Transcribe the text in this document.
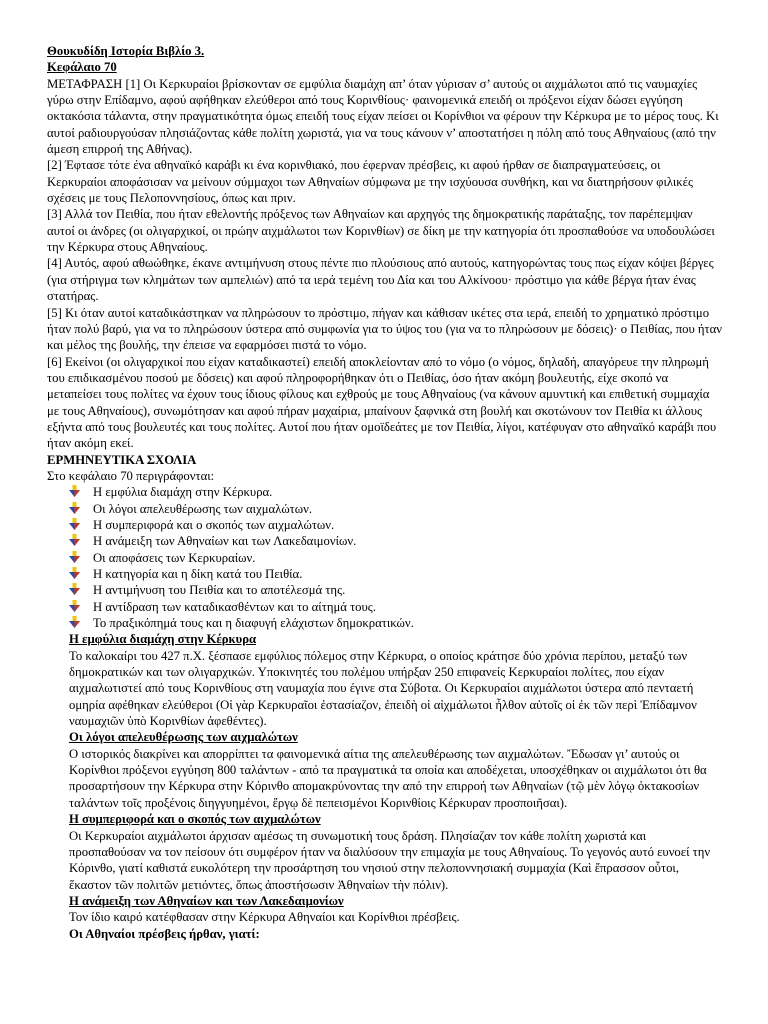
Θουκυδίδη Ιστορία Βιβλίο 3.

Κεφάλαιο 70

ΜΕΤΑΦΡΑΣΗ [1] Οι Κερκυραίοι βρίσκονταν σε εμφύλια διαμάχη απ’ όταν γύρισαν σ’ αυτούς οι αιχμάλωτοι από τις ναυμαχίες γύρω στην Επίδαμνο, αφού αφήθηκαν ελεύθεροι από τους Κορινθίους· φαινομενικά επειδή οι πρόξενοι είχαν δώσει εγγύηση οκτακόσια τάλαντα, στην πραγματικότητα όμως επειδή τους είχαν πείσει οι Κορίνθιοι να φέρουν την Κέρκυρα με το μέρος τους. Κι αυτοί ραδιουργούσαν πλησιάζοντας κάθε πολίτη χωριστά, για να τους κάνουν ν’ αποστατήσει η πόλη από τους Αθηναίους (από την άμεση επιρροή της Αθήνας).

[2] Έφτασε τότε ένα αθηναϊκό καράβι κι ένα κορινθιακό, που έφερναν πρέσβεις, κι αφού ήρθαν σε διαπραγματεύσεις, οι Κερκυραίοι αποφάσισαν να μείνουν σύμμαχοι των Αθηναίων σύμφωνα με την ισχύουσα συνθήκη, και να διατηρήσουν φιλικές σχέσεις με τους Πελοποννησίους, όπως και πριν.

[3] Αλλά τον Πειθία, που ήταν εθελοντής πρόξενος των Αθηναίων και αρχηγός της δημοκρατικής παράταξης, τον παρέπεμψαν αυτοί οι άνδρες (οι ολιγαρχικοί, οι πρώην αιχμάλωτοι των Κορινθίων) σε δίκη με την κατηγορία ότι προσπαθούσε να υποδουλώσει την Κέρκυρα στους Αθηναίους.

[4] Αυτός, αφού αθωώθηκε, έκανε αντιμήνυση στους πέντε πιο πλούσιους από αυτούς, κατηγορώντας τους πως είχαν κόψει βέργες (για στήριγμα των κλημάτων των αμπελιών) από τα ιερά τεμένη του Δία και του Αλκίνοου· πρόστιμο για κάθε βέργα ήταν ένας στατήρας.

[5] Κι όταν αυτοί καταδικάστηκαν να πληρώσουν το πρόστιμο, πήγαν και κάθισαν ικέτες στα ιερά, επειδή το χρηματικό πρόστιμο ήταν πολύ βαρύ, για να το πληρώσουν ύστερα από συμφωνία για το ύψος του (για να το πληρώσουν με δόσεις)· ο Πειθίας, που ήταν και μέλος της βουλής, την έπεισε να εφαρμόσει πιστά το νόμο.

[6] Εκείνοι (οι ολιγαρχικοί που είχαν καταδικαστεί) επειδή αποκλείονταν από το νόμο (ο νόμος, δηλαδή, απαγόρευε την πληρωμή του επιδικασμένου ποσού με δόσεις) και αφού πληροφορήθηκαν ότι ο Πειθίας, όσο ήταν ακόμη βουλευτής, είχε σκοπό να μεταπείσει τους πολίτες να έχουν τους ίδιους φίλους και εχθρούς με τους Αθηναίους (να κάνουν αμυντική και επιθετική συμμαχία με τους Αθηναίους), συνωμότησαν και αφού πήραν μαχαίρια, μπαίνουν ξαφνικά στη βουλή και σκοτώνουν τον Πειθία κι άλλους εξήντα από τους βουλευτές και τους πολίτες. Αυτοί που ήταν ομοϊδεάτες με τον Πειθία, λίγοι, κατέφυγαν στο αθηναϊκό καράβι που ήταν ακόμη εκεί.

ΕΡΜΗΝΕΥΤΙΚΑ ΣΧΟΛΙΑ

Στο κεφάλαιο 70 περιγράφονται:

Η εμφύλια διαμάχη στην Κέρκυρα.
Οι λόγοι απελευθέρωσης των αιχμαλώτων.
Η συμπεριφορά και ο σκοπός των αιχμαλώτων.
Η ανάμειξη των Αθηναίων και των Λακεδαιμονίων.
Οι αποφάσεις των Κερκυραίων.
Η κατηγορία και η δίκη κατά του Πειθία.
Η αντιμήνυση του Πειθία και το αποτέλεσμά της.
Η αντίδραση των καταδικασθέντων και το αίτημά τους.
Το πραξικόπημά τους και η διαφυγή ελάχιστων δημοκρατικών.

Η εμφύλια διαμάχη στην Κέρκυρα

Το καλοκαίρι του 427 π.Χ. ξέσπασε εμφύλιος πόλεμος στην Κέρκυρα, ο οποίος κράτησε δύο χρόνια περίπου, μεταξύ των δημοκρατικών και των ολιγαρχικών. Υποκινητές του πολέμου υπήρξαν 250 επιφανείς Κερκυραίοι πολίτες, που είχαν αιχμαλωτιστεί από τους Κορινθίους στη ναυμαχία που έγινε στα Σύβοτα. Οι Κερκυραίοι αιχμάλωτοι ύστερα από πενταετή ομηρία αφέθηκαν ελεύθεροι (Οἱ γὰρ Κερκυραῖοι ἐστασίαζον, ἐπειδὴ οἱ αἰχμάλωτοι ἦλθον αὐτοῖς οἱ ἐκ τῶν περὶ Ἐπίδαμνον ναυμαχιῶν ὑπὸ Κορινθίων ἀφεθέντες).

Οι λόγοι απελευθέρωσης των αιχμαλώτων

Ο ιστορικός διακρίνει και απορρίπτει τα φαινομενικά αίτια της απελευθέρωσης των αιχμαλώτων. Ἔδωσαν γι’ αυτούς οι Κορίνθιοι πρόξενοι εγγύηση 800 ταλάντων - από τα πραγματικά τα οποία και αποδέχεται, υποσχέθηκαν οι αιχμάλωτοι ότι θα προσαρτήσουν την Κέρκυρα στην Κόρινθο απομακρύνοντας την από την επιρροή των Αθηναίων (τῷ μὲν λόγῳ ὀκτακοσίων ταλάντων τοῖς προξένοις διηγγυημένοι, ἔργῳ δὲ πεπεισμένοι Κορινθίοις Κέρκυραν προσποιῆσαι).

Η συμπεριφορά και ο σκοπός των αιχμαλώτων

Οι Κερκυραίοι αιχμάλωτοι άρχισαν αμέσως τη συνωμοτική τους δράση. Πλησίαζαν τον κάθε πολίτη χωριστά και προσπαθούσαν να τον πείσουν ότι συμφέρον ήταν να διαλύσουν την επιμαχία με τους Αθηναίους. Το γεγονός αυτό ευνοεί την Κόρινθο, γιατί καθιστά ευκολότερη την προσάρτηση του νησιού στην πελοποννησιακή συμμαχία (Καὶ ἔπρασσον οὗτοι, ἕκαστον τῶν πολιτῶν μετιόντες, ὅπως ἀποστήσωσιν Ἀθηναίων τὴν πόλιν).

Η ανάμειξη των Αθηναίων και των Λακεδαιμονίων

Τον ίδιο καιρό κατέφθασαν στην Κέρκυρα Αθηναίοι και Κορίνθιοι πρέσβεις.

Οι Αθηναίοι πρέσβεις ήρθαν, γιατί:
